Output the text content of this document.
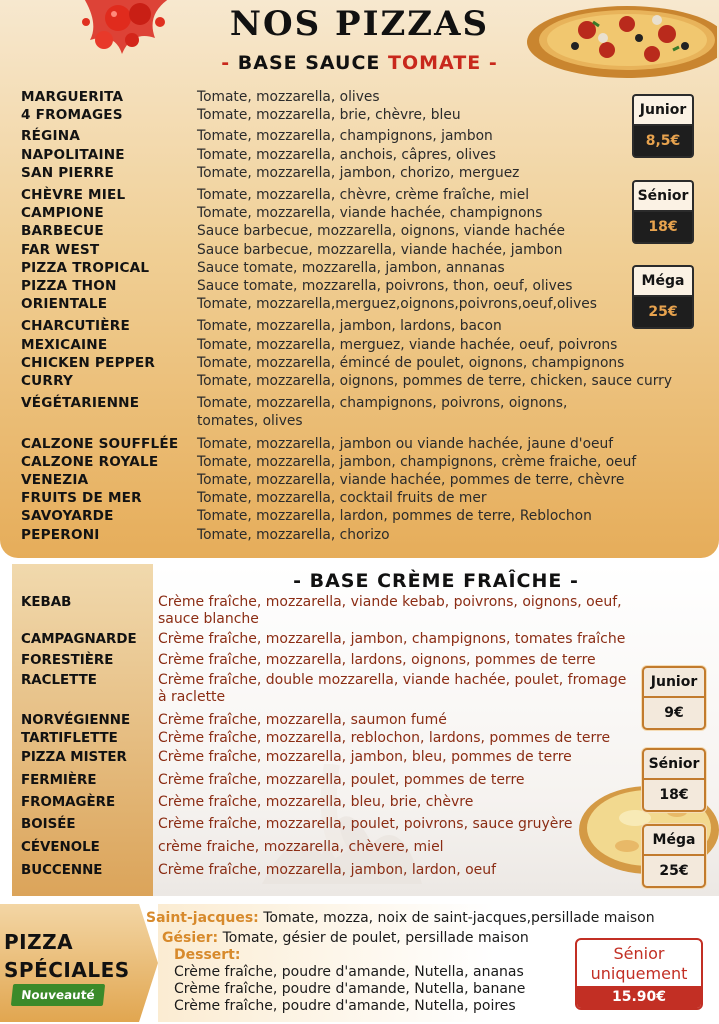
NOS PIZZAS
- BASE SAUCE TOMATE -
MARGUERITA	Tomate, mozzarella, olives
4 FROMAGES	Tomate, mozzarella, brie, chèvre, bleu
RÉGINA	Tomate, mozzarella, champignons, jambon
NAPOLITAINE	Tomate, mozzarella, anchois, câpres, olives
SAN PIERRE	Tomate, mozzarella, jambon, chorizo, merguez
CHÈVRE MIEL	Tomate, mozzarella, chèvre, crème fraîche, miel
CAMPIONE	Tomate, mozzarella, viande hachée, champignons
BARBECUE	Sauce barbecue, mozzarella, oignons, viande hachée
FAR WEST	Sauce barbecue, mozzarella, viande hachée, jambon
PIZZA TROPICAL	Sauce tomate, mozzarella, jambon, annanas
PIZZA THON	Sauce tomate, mozzarella, poivrons, thon, oeuf, olives
ORIENTALE	Tomate, mozzarella,merguez,oignons,poivrons,oeuf,olives
CHARCUTIÈRE	Tomate, mozzarella, jambon, lardons, bacon
MEXICAINE	Tomate, mozzarella, merguez, viande hachée, oeuf, poivrons
CHICKEN PEPPER	Tomate, mozzarella, émincé de poulet, oignons, champignons
CURRY	Tomate, mozzarella, oignons, pommes de terre, chicken, sauce curry
VÉGÉTARIENNE	Tomate, mozzarella, champignons, poivrons, oignons, tomates, olives
CALZONE SOUFFLÉE	Tomate, mozzarella, jambon ou viande hachée, jaune d'oeuf
CALZONE ROYALE	Tomate, mozzarella, jambon, champignons, crème fraiche, oeuf
VENEZIA	Tomate, mozzarella, viande hachée, pommes de terre, chèvre
FRUITS DE MER	Tomate, mozzarella, cocktail fruits de mer
SAVOYARDE	Tomate, mozzarella, lardon, pommes de terre, Reblochon
PEPERONI	Tomate, mozzarella, chorizo
Junior
8,5€
Sénior
18€
Méga
25€
- BASE CRÈME FRAÎCHE -
KEBAB	Crème fraîche, mozzarella, viande kebab, poivrons, oignons, oeuf, sauce blanche
CAMPAGNARDE	Crème fraîche, mozzarella, jambon, champignons, tomates fraîche
FORESTIÈRE	Crème fraîche, mozzarella, lardons, oignons, pommes de terre
RACLETTE	Crème fraîche, double mozzarella, viande hachée, poulet, fromage à raclette
NORVÉGIENNE	Crème fraîche, mozzarella, saumon fumé
TARTIFLETTE	Crème fraîche, mozzarella, reblochon, lardons, pommes de terre
PIZZA MISTER	Crème fraîche, mozzarella, jambon, bleu, pommes de terre
FERMIÈRE	Crème fraîche, mozzarella, poulet, pommes de terre
FROMAGÈRE	Crème fraîche, mozzarella, bleu, brie, chèvre
BOISÉE	Crème fraîche, mozzarella, poulet, poivrons, sauce gruyère
CÉVENOLE	crème fraiche, mozzarella, chèvere, miel
BUCCENNE	Crème fraîche, mozzarella, jambon, lardon, oeuf
Junior
9€
Sénior
18€
Méga
25€
PIZZA
SPÉCIALES
Nouveauté
Saint-jacques: Tomate, mozza, noix de saint-jacques,persillade maison
Gésier: Tomate, gésier de poulet, persillade maison
Dessert:
Crème fraîche, poudre d'amande, Nutella, ananas
Crème fraîche, poudre d'amande, Nutella, banane
Crème fraîche, poudre d'amande, Nutella, poires
Sénior
uniquement
15.90€
